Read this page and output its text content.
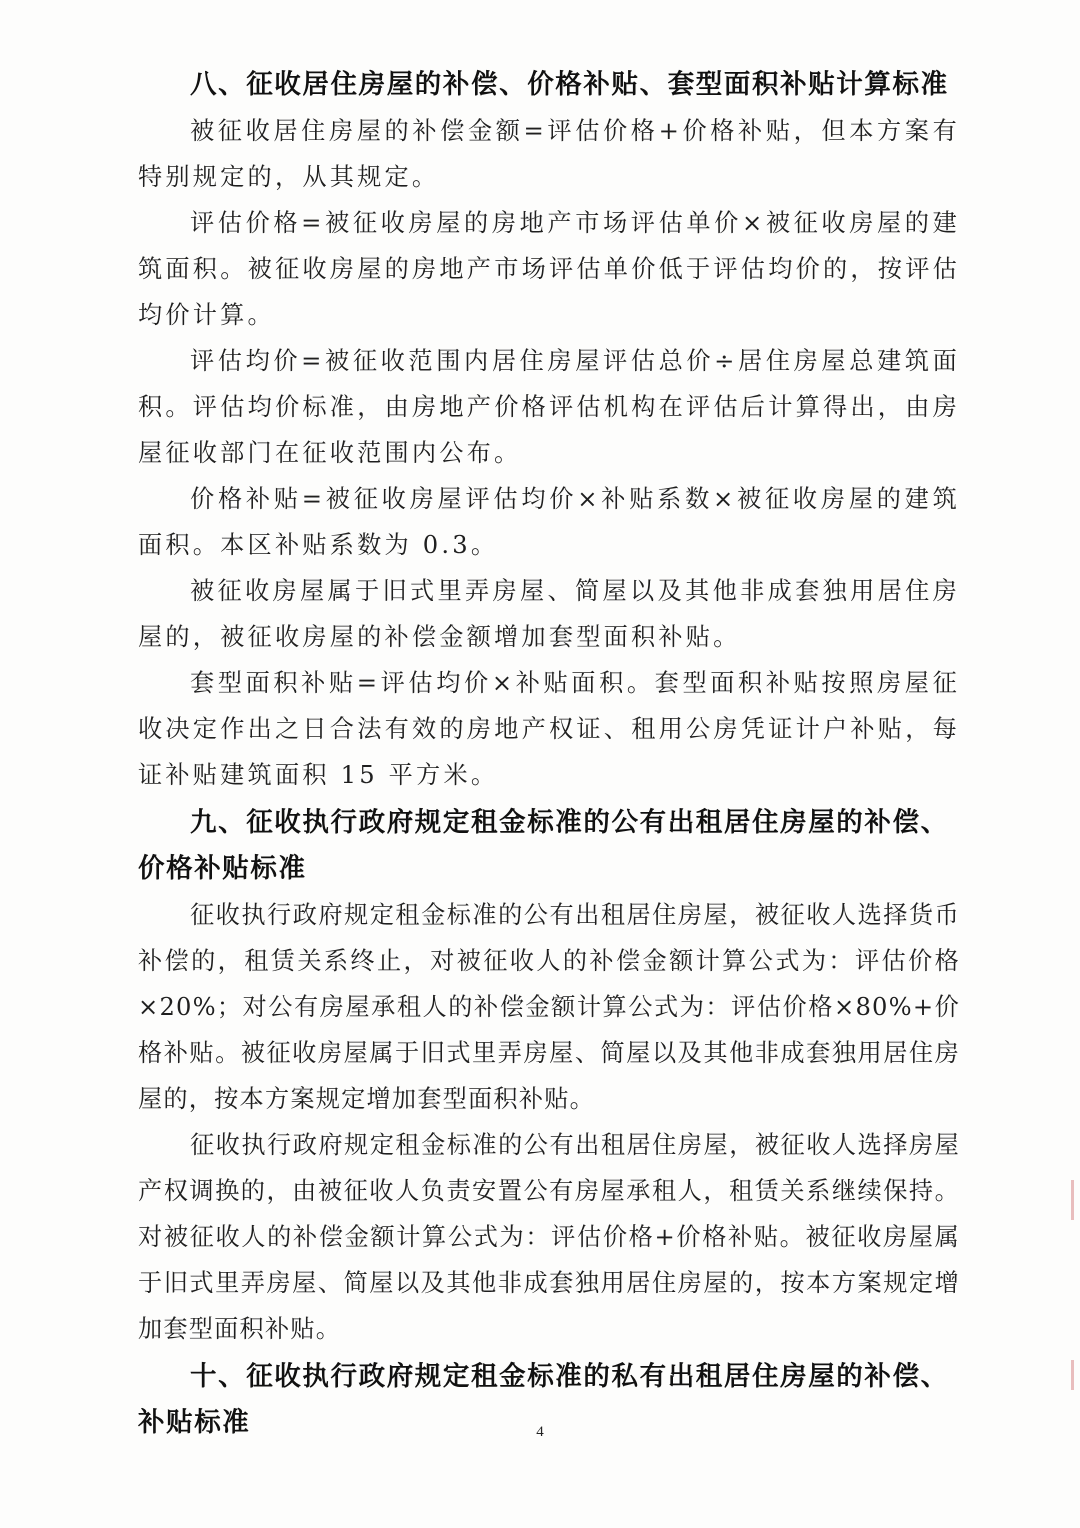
八、征收居住房屋的补偿、价格补贴、套型面积补贴计算标准

被征收居住房屋的补偿金额=评估价格+价格补贴，但本方案有特别规定的，从其规定。

评估价格=被征收房屋的房地产市场评估单价×被征收房屋的建筑面积。被征收房屋的房地产市场评估单价低于评估均价的，按评估均价计算。

评估均价=被征收范围内居住房屋评估总价÷居住房屋总建筑面积。评估均价标准，由房地产价格评估机构在评估后计算得出，由房屋征收部门在征收范围内公布。

价格补贴=被征收房屋评估均价×补贴系数×被征收房屋的建筑面积。本区补贴系数为 0.3。

被征收房屋属于旧式里弄房屋、简屋以及其他非成套独用居住房屋的，被征收房屋的补偿金额增加套型面积补贴。

套型面积补贴=评估均价×补贴面积。套型面积补贴按照房屋征收决定作出之日合法有效的房地产权证、租用公房凭证计户补贴，每证补贴建筑面积 15 平方米。

九、征收执行政府规定租金标准的公有出租居住房屋的补偿、价格补贴标准

征收执行政府规定租金标准的公有出租居住房屋，被征收人选择货币补偿的，租赁关系终止，对被征收人的补偿金额计算公式为：评估价格×20%；对公有房屋承租人的补偿金额计算公式为：评估价格×80%+价格补贴。被征收房屋属于旧式里弄房屋、简屋以及其他非成套独用居住房屋的，按本方案规定增加套型面积补贴。

征收执行政府规定租金标准的公有出租居住房屋，被征收人选择房屋产权调换的，由被征收人负责安置公有房屋承租人，租赁关系继续保持。对被征收人的补偿金额计算公式为：评估价格+价格补贴。被征收房屋属于旧式里弄房屋、简屋以及其他非成套独用居住房屋的，按本方案规定增加套型面积补贴。

十、征收执行政府规定租金标准的私有出租居住房屋的补偿、补贴标准	4
